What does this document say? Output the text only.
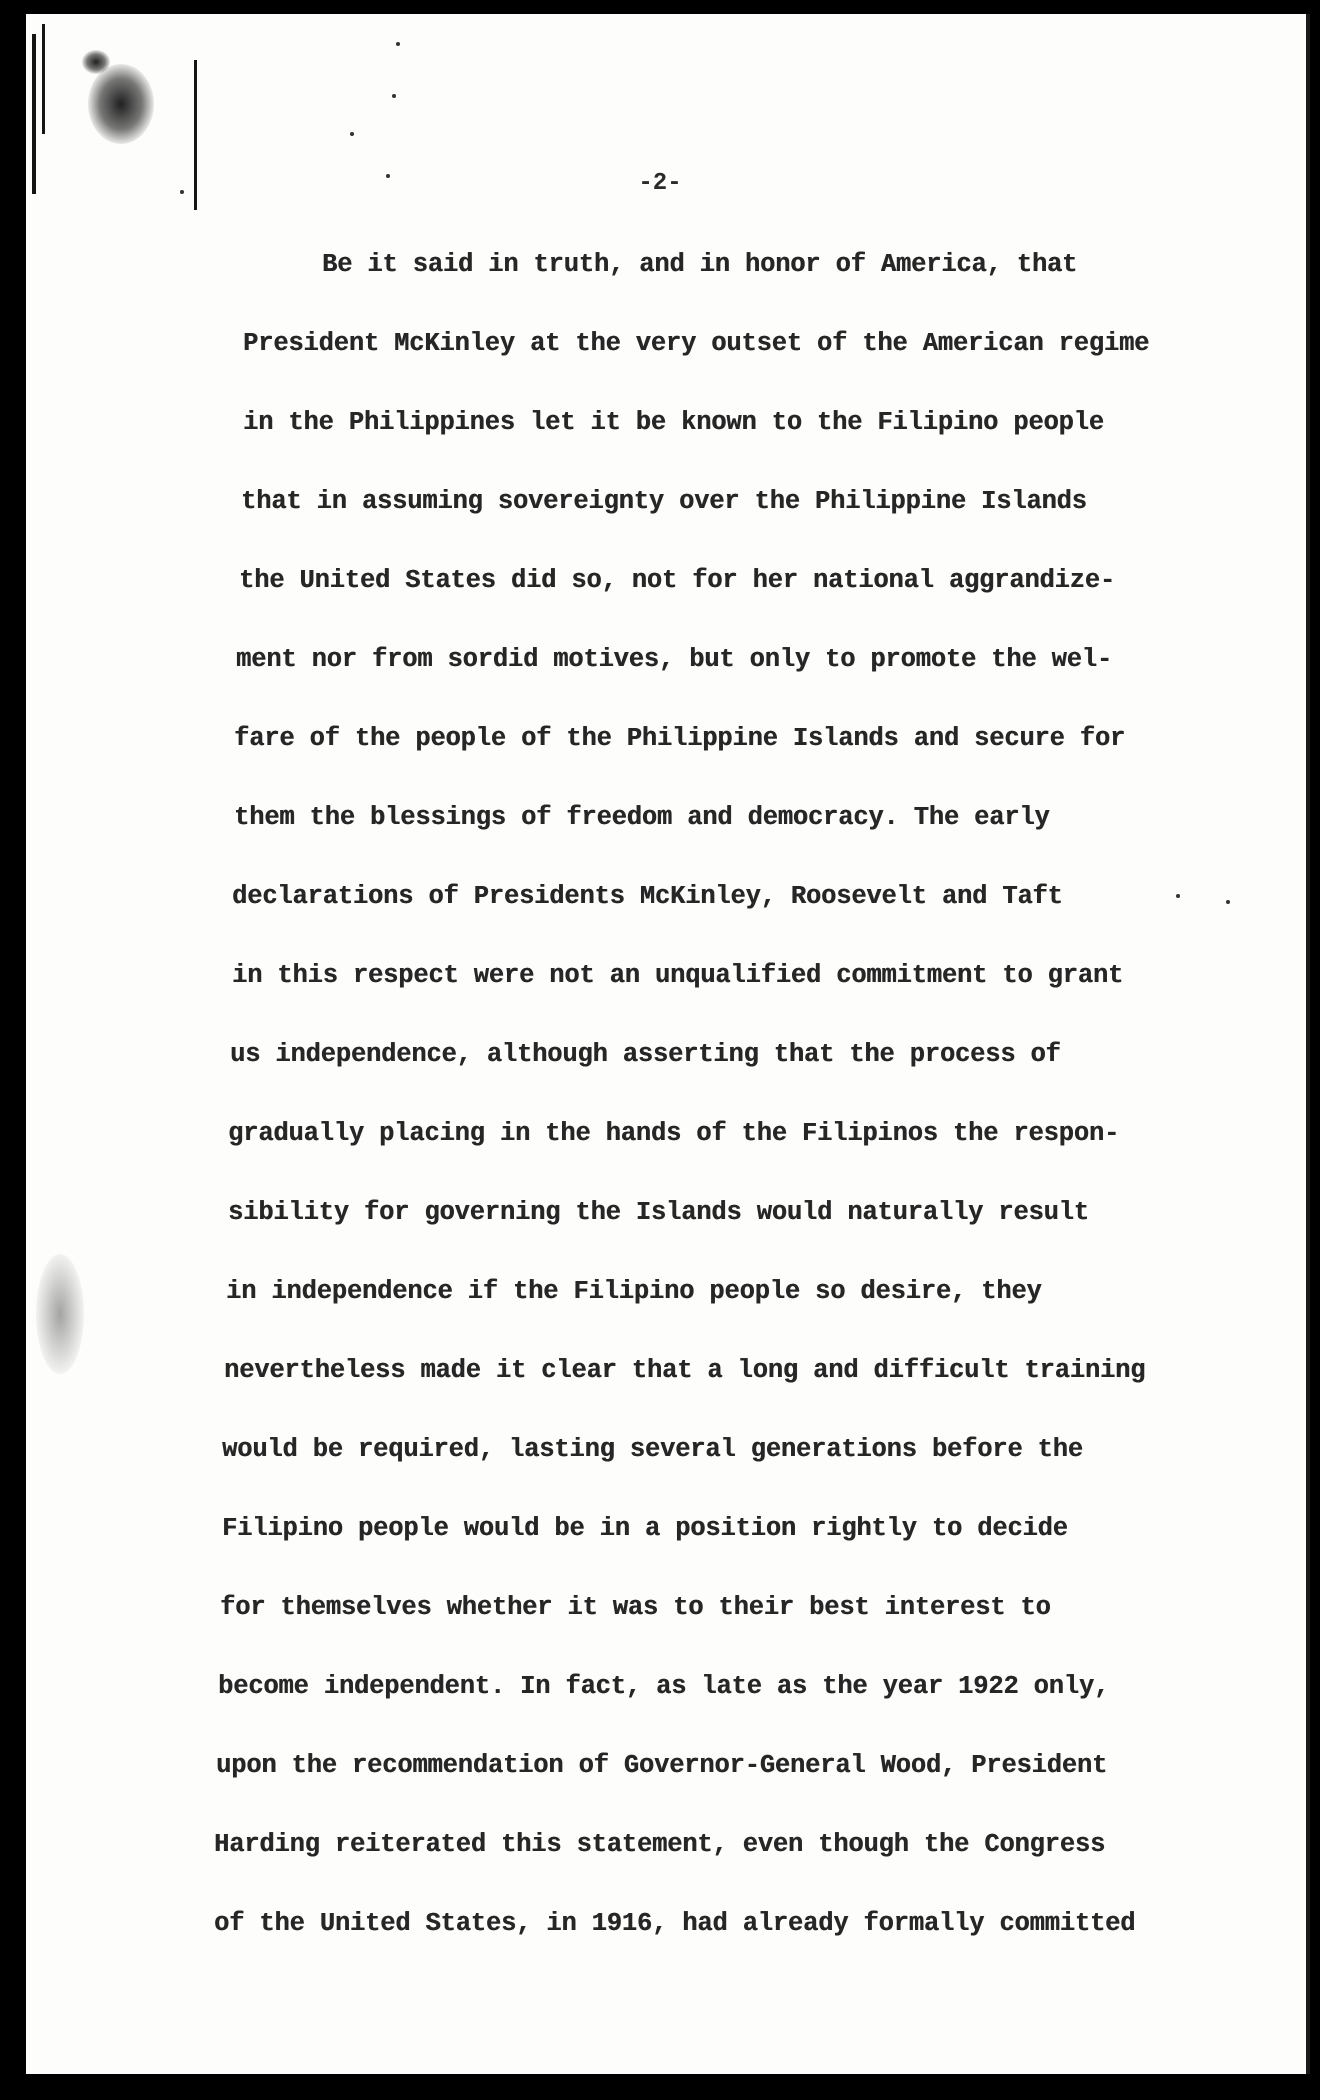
-2-
Be it said in truth, and in honor of America, that
President McKinley at the very outset of the American regime
in the Philippines let it be known to the Filipino people
that in assuming sovereignty over the Philippine Islands
the United States did so, not for her national aggrandize-
ment nor from sordid motives, but only to promote the wel-
fare of the people of the Philippine Islands and secure for
them the blessings of freedom and democracy. The early
declarations of Presidents McKinley, Roosevelt and Taft
in this respect were not an unqualified commitment to grant
us independence, although asserting that the process of
gradually placing in the hands of the Filipinos the respon-
sibility for governing the Islands would naturally result
in independence if the Filipino people so desire, they
nevertheless made it clear that a long and difficult training
would be required, lasting several generations before the
Filipino people would be in a position rightly to decide
for themselves whether it was to their best interest to
become independent. In fact, as late as the year 1922 only,
upon the recommendation of Governor-General Wood, President
Harding reiterated this statement, even though the Congress
of the United States, in 1916, had already formally committed
